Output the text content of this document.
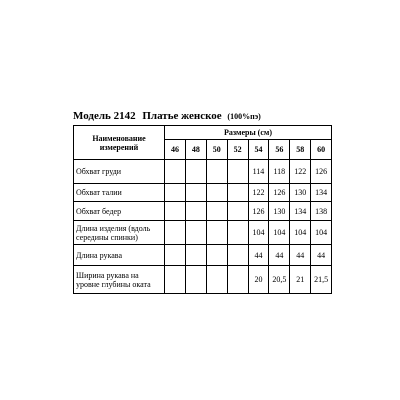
Модель 2142 Платье женское (100%пэ)
Наименование измерений	Размеры (см)							
	46	48	50	52	54	56	58	60
Обхват груди					114	118	122	126
Обхват талии					122	126	130	134
Обхват бедер					126	130	134	138
Длина изделия (вдоль середины спинки)					104	104	104	104
Длина рукава					44	44	44	44
Ширина рукава на уровне глубины оката					20	20,5	21	21,5
